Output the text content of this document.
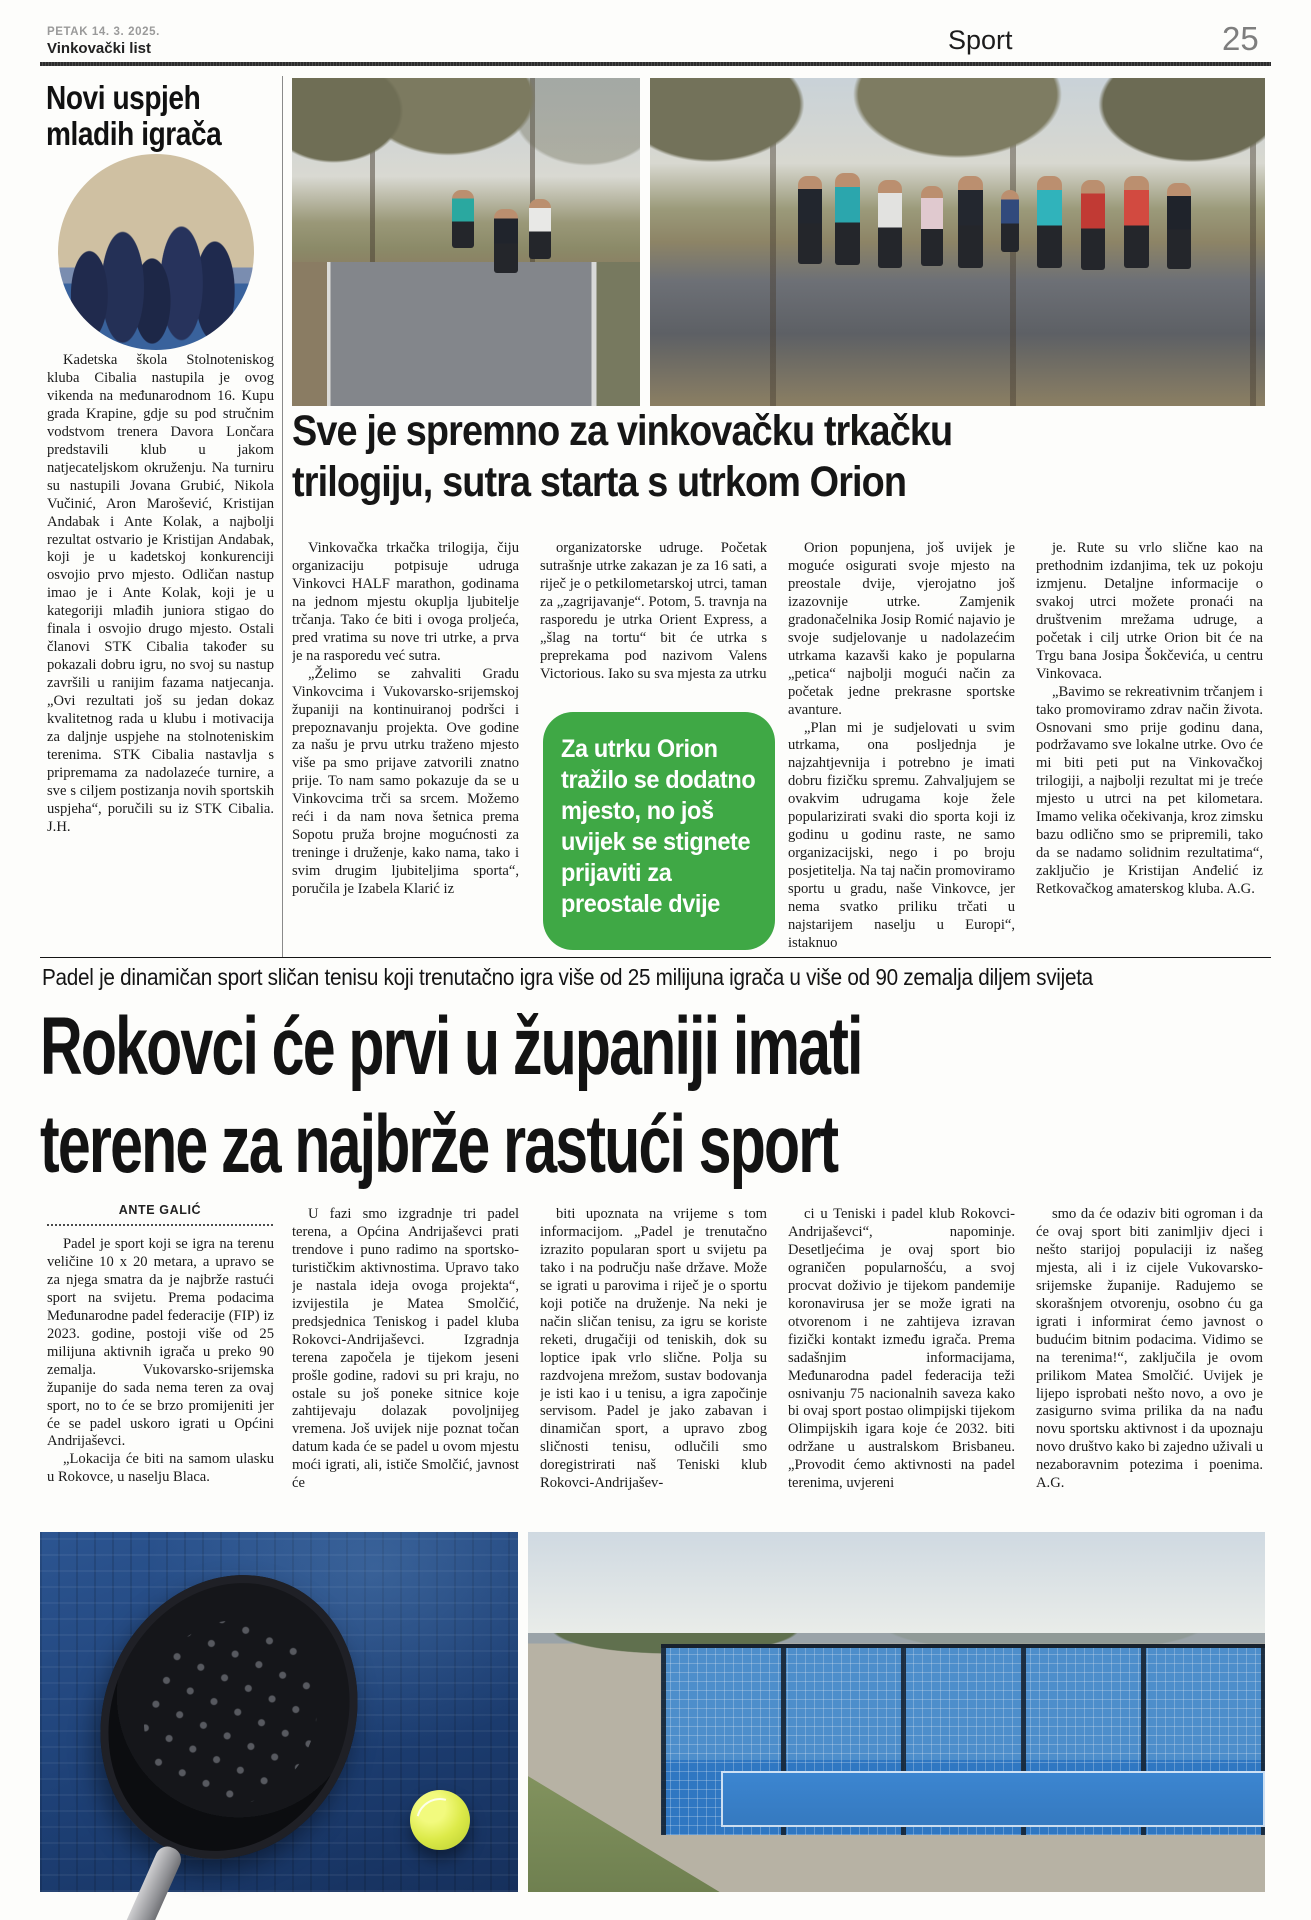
PETAK 14. 3. 2025.
Vinkovački list	Sport	25
Novi uspjeh
mladih igrača

Kadetska škola Stolnoteniskog kluba Cibalia nastupila je ovog vikenda na međunarodnom 16. Kupu grada Krapine, gdje su pod stručnim vodstvom trenera Davora Lončara predstavili klub u jakom natjecateljskom okruženju. Na turniru su nastupili Jovana Grubić, Nikola Vučinić, Aron Marošević, Kristijan Andabak i Ante Kolak, a najbolji rezultat ostvario je Kristijan Andabak, koji je u kadetskoj konkurenciji osvojio prvo mjesto. Odličan nastup imao je i Ante Kolak, koji je u kategoriji mlađih juniora stigao do finala i osvojio drugo mjesto. Ostali članovi STK Cibalia također su pokazali dobru igru, no svoj su nastup završili u ranijim fazama natjecanja. „Ovi rezultati još su jedan dokaz kvalitetnog rada u klubu i motivacija za daljnje uspjehe na stolnoteniskim terenima. STK Cibalia nastavlja s pripremama za nadolazeće turnire, a sve s ciljem postizanja novih sportskih uspjeha“, poručili su iz STK Cibalia. J.H.

Sve je spremno za vinkovačku trkačku
trilogiju, sutra starta s utrkom Orion

Vinkovačka trkačka trilogija, čiju organizaciju potpisuje udruga Vinkovci HALF marathon, godinama na jednom mjestu okuplja ljubitelje trčanja. Tako će biti i ovoga proljeća, pred vratima su nove tri utrke, a prva je na rasporedu već sutra.

„Želimo se zahvaliti Gradu Vinkovcima i Vukovarsko-srijemskoj županiji na kontinuiranoj podršci i prepoznavanju projekta. Ove godine za našu je prvu utrku traženo mjesto više pa smo prijave zatvorili znatno prije. To nam samo pokazuje da se u Vinkovcima trči sa srcem. Možemo reći i da nam nova šetnica prema Sopotu pruža brojne mogućnosti za treninge i druženje, kako nama, tako i svim drugim ljubiteljima sporta“, poručila je Izabela Klarić iz

organizatorske udruge. Početak sutrašnje utrke zakazan je za 16 sati, a riječ je o petkilometarskoj utrci, taman za „zagrijavanje“. Potom, 5. travnja na rasporedu je utrka Orient Express, a „šlag na tortu“ bit će utrka s preprekama pod nazivom Valens Victorious. Iako su sva mjesta za utrku

Orion popunjena, još uvijek je moguće osigurati svoje mjesto na preostale dvije, vjerojatno još izazovnije utrke. Zamjenik gradonačelnika Josip Romić najavio je svoje sudjelovanje u nadolazećim utrkama kazavši kako je popularna „petica“ najbolji mogući način za početak jedne prekrasne sportske avanture.

„Plan mi je sudjelovati u svim utrkama, ona posljednja je najzahtjevnija i potrebno je imati dobru fizičku spremu. Zahvaljujem se ovakvim udrugama koje žele popularizirati svaki dio sporta koji iz godinu u godinu raste, ne samo organizacijski, nego i po broju posjetitelja. Na taj način promoviramo sportu u gradu, naše Vinkovce, jer nema svatko priliku trčati u najstarijem naselju u Europi“, istaknuo

je. Rute su vrlo slične kao na prethodnim izdanjima, tek uz pokoju izmjenu. Detaljne informacije o svakoj utrci možete pronaći na društvenim mrežama udruge, a početak i cilj utrke Orion bit će na Trgu bana Josipa Šokčevića, u centru Vinkovaca.

„Bavimo se rekreativnim trčanjem i tako promoviramo zdrav način života. Osnovani smo prije godinu dana, podržavamo sve lokalne utrke. Ovo će mi biti peti put na Vinkovačkoj trilogiji, a najbolji rezultat mi je treće mjesto u utrci na pet kilometara. Imamo velika očekivanja, kroz zimsku bazu odlično smo se pripremili, tako da se nadamo solidnim rezultatima“, zaključio je Kristijan Anđelić iz Retkovačkog amaterskog kluba. A.G.

Za utrku Orion tražilo se dodatno mjesto, no još uvijek se stignete prijaviti za preostale dvije
Padel je dinamičan sport sličan tenisu koji trenutačno igra više od 25 milijuna igrača u više od 90 zemalja diljem svijeta
Rokovci će prvi u županiji imati
terene za najbrže rastući sport
ANTE GALIĆ

Padel je sport koji se igra na terenu veličine 10 x 20 metara, a upravo se za njega smatra da je najbrže rastući sport na svijetu. Prema podacima Međunarodne padel federacije (FIP) iz 2023. godine, postoji više od 25 milijuna aktivnih igrača u preko 90 zemalja. Vukovarsko-srijemska županije do sada nema teren za ovaj sport, no to će se brzo promijeniti jer će se padel uskoro igrati u Općini Andrijaševci.

„Lokacija će biti na samom ulasku u Rokovce, u naselju Blaca.

U fazi smo izgradnje tri padel terena, a Općina Andrijaševci prati trendove i puno radimo na sportsko-turističkim aktivnostima. Upravo tako je nastala ideja ovoga projekta“, izvijestila je Matea Smolčić, predsjednica Teniskog i padel kluba Rokovci-Andrijaševci. Izgradnja terena započela je tijekom jeseni prošle godine, radovi su pri kraju, no ostale su još poneke sitnice koje zahtijevaju dolazak povoljnijeg vremena. Još uvijek nije poznat točan datum kada će se padel u ovom mjestu moći igrati, ali, ističe Smolčić, javnost će

biti upoznata na vrijeme s tom informacijom. „Padel je trenutačno izrazito popularan sport u svijetu pa tako i na području naše države. Može se igrati u parovima i riječ je o sportu koji potiče na druženje. Na neki je način sličan tenisu, za igru se koriste reketi, drugačiji od teniskih, dok su loptice ipak vrlo slične. Polja su razdvojena mrežom, sustav bodovanja je isti kao i u tenisu, a igra započinje servisom. Padel je jako zabavan i dinamičan sport, a upravo zbog sličnosti tenisu, odlučili smo doregistrirati naš Teniski klub Rokovci-Andrijašev-

ci u Teniski i padel klub Rokovci-Andrijaševci“, napominje. Desetljećima je ovaj sport bio ograničen popularnošću, a svoj procvat doživio je tijekom pandemije koronavirusa jer se može igrati na otvorenom i ne zahtijeva izravan fizički kontakt između igrača. Prema sadašnjim informacijama, Međunarodna padel federacija teži osnivanju 75 nacionalnih saveza kako bi ovaj sport postao olimpijski tijekom Olimpijskih igara koje će 2032. biti održane u australskom Brisbaneu. „Provodit ćemo aktivnosti na padel terenima, uvjereni

smo da će odaziv biti ogroman i da će ovaj sport biti zanimljiv djeci i nešto starijoj populaciji iz našeg mjesta, ali i iz cijele Vukovarsko-srijemske županije. Radujemo se skorašnjem otvorenju, osobno ću ga igrati i informirat ćemo javnost o budućim bitnim podacima. Vidimo se na terenima!“, zaključila je ovom prilikom Matea Smolčić. Uvijek je lijepo isprobati nešto novo, a ovo je zasigurno svima prilika da na nađu novu sportsku aktivnost i da upoznaju novo društvo kako bi zajedno uživali u nezaboravnim potezima i poenima. A.G.
